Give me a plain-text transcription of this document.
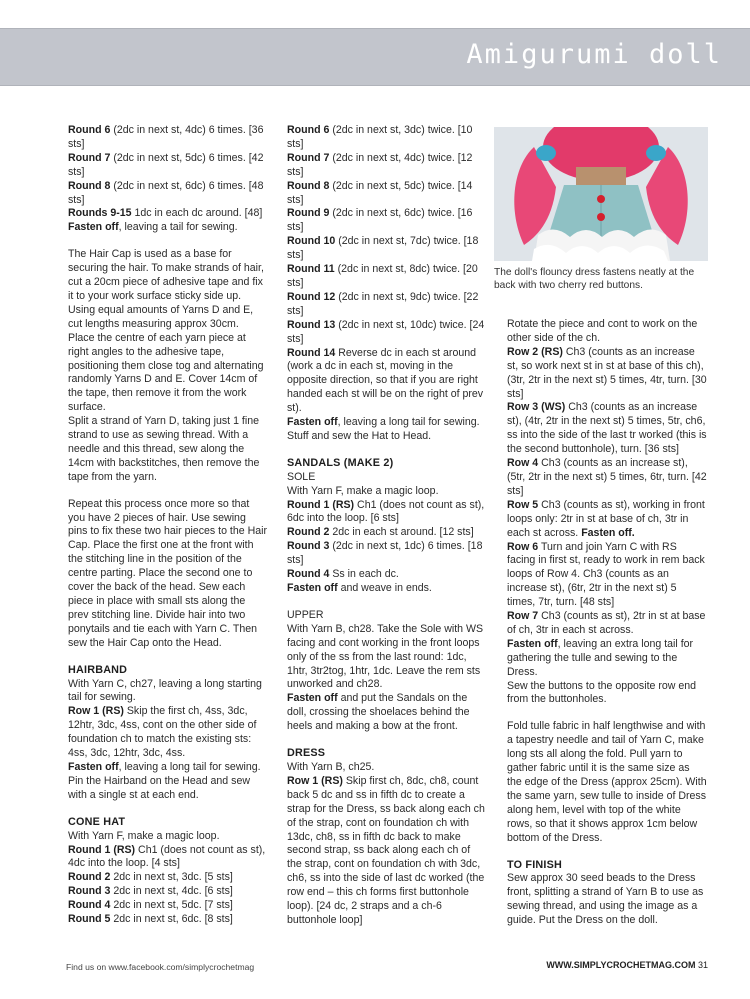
Amigurumi doll

Round 6 (2dc in next st, 4dc) 6 times. [36 sts]
Round 7 (2dc in next st, 5dc) 6 times. [42 sts]
Round 8 (2dc in next st, 6dc) 6 times. [48 sts]
Rounds 9-15 1dc in each dc around. [48]
Fasten off, leaving a tail for sewing.

The Hair Cap is used as a base for securing the hair. To make strands of hair, cut a 20cm piece of adhesive tape and fix it to your work surface sticky side up. Using equal amounts of Yarns D and E, cut lengths measuring approx 30cm. Place the centre of each yarn piece at right angles to the adhesive tape, positioning them close tog and alternating randomly Yarns D and E. Cover 14cm of the tape, then remove it from the work surface.

Split a strand of Yarn D, taking just 1 fine strand to use as sewing thread. With a needle and this thread, sew along the 14cm with backstitches, then remove the tape from the yarn.

Repeat this process once more so that you have 2 pieces of hair. Use sewing pins to fix these two hair pieces to the Hair Cap. Place the first one at the front with the stitching line in the position of the centre parting. Place the second one to cover the back of the head. Sew each piece in place with small sts along the prev stitching line. Divide hair into two ponytails and tie each with Yarn C. Then sew the Hair Cap onto the Head.

HAIRBAND

With Yarn C, ch27, leaving a long starting tail for sewing.
Row 1 (RS) Skip the first ch, 4ss, 3dc, 12htr, 3dc, 4ss, cont on the other side of foundation ch to match the existing sts: 4ss, 3dc, 12htr, 3dc, 4ss.
Fasten off, leaving a long tail for sewing. Pin the Hairband on the Head and sew with a single st at each end.

CONE HAT

With Yarn F, make a magic loop.
Round 1 (RS) Ch1 (does not count as st), 4dc into the loop. [4 sts]
Round 2 2dc in next st, 3dc. [5 sts]
Round 3 2dc in next st, 4dc. [6 sts]
Round 4 2dc in next st, 5dc. [7 sts]
Round 5 2dc in next st, 6dc. [8 sts]

Round 6 (2dc in next st, 3dc) twice. [10 sts]
Round 7 (2dc in next st, 4dc) twice. [12 sts]
Round 8 (2dc in next st, 5dc) twice. [14 sts]
Round 9 (2dc in next st, 6dc) twice. [16 sts]
Round 10 (2dc in next st, 7dc) twice. [18 sts]
Round 11 (2dc in next st, 8dc) twice. [20 sts]
Round 12 (2dc in next st, 9dc) twice. [22 sts]
Round 13 (2dc in next st, 10dc) twice. [24 sts]
Round 14 Reverse dc in each st around (work a dc in each st, moving in the opposite direction, so that if you are right handed each st will be on the right of prev st).
Fasten off, leaving a long tail for sewing. Stuff and sew the Hat to Head.

SANDALS (MAKE 2)

SOLE
With Yarn F, make a magic loop.
Round 1 (RS) Ch1 (does not count as st), 6dc into the loop. [6 sts]
Round 2 2dc in each st around. [12 sts]
Round 3 (2dc in next st, 1dc) 6 times. [18 sts]
Round 4 Ss in each dc.
Fasten off and weave in ends.

UPPER
With Yarn B, ch28. Take the Sole with WS facing and cont working in the front loops only of the ss from the last round: 1dc, 1htr, 3tr2tog, 1htr, 1dc. Leave the rem sts unworked and ch28.
Fasten off and put the Sandals on the doll, crossing the shoelaces behind the heels and making a bow at the front.

DRESS

With Yarn B, ch25.
Row 1 (RS) Skip first ch, 8dc, ch8, count back 5 dc and ss in fifth dc to create a strap for the Dress, ss back along each ch of the strap, cont on foundation ch with 13dc, ch8, ss in fifth dc back to make second strap, ss back along each ch of the strap, cont on foundation ch with 3dc, ch6, ss into the side of last dc worked (the row end – this ch forms first buttonhole loop). [24 dc, 2 straps and a ch-6 buttonhole loop]

The doll's flouncy dress fastens neatly at the back with two cherry red buttons.

Rotate the piece and cont to work on the other side of the ch.
Row 2 (RS) Ch3 (counts as an increase st, so work next st in st at base of this ch), (3tr, 2tr in the next st) 5 times, 4tr, turn. [30 sts]
Row 3 (WS) Ch3 (counts as an increase st), (4tr, 2tr in the next st) 5 times, 5tr, ch6, ss into the side of the last tr worked (this is the second buttonhole), turn. [36 sts]
Row 4 Ch3 (counts as an increase st), (5tr, 2tr in the next st) 5 times, 6tr, turn. [42 sts]
Row 5 Ch3 (counts as st), working in front loops only: 2tr in st at base of ch, 3tr in each st across. Fasten off.
Row 6 Turn and join Yarn C with RS facing in first st, ready to work in rem back loops of Row 4. Ch3 (counts as an increase st), (6tr, 2tr in the next st) 5 times, 7tr, turn. [48 sts]
Row 7 Ch3 (counts as st), 2tr in st at base of ch, 3tr in each st across.
Fasten off, leaving an extra long tail for gathering the tulle and sewing to the Dress.
Sew the buttons to the opposite row end from the buttonholes.

Fold tulle fabric in half lengthwise and with a tapestry needle and tail of Yarn C, make long sts all along the fold. Pull yarn to gather fabric until it is the same size as the edge of the Dress (approx 25cm). With the same yarn, sew tulle to inside of Dress along hem, level with top of the white rows, so that it shows approx 1cm below bottom of the Dress.

TO FINISH

Sew approx 30 seed beads to the Dress front, splitting a strand of Yarn B to use as sewing thread, and using the image as a guide. Put the Dress on the doll.

Find us on www.facebook.com/simplycrochetmag	WWW.SIMPLYCROCHETMAG.COM 31
